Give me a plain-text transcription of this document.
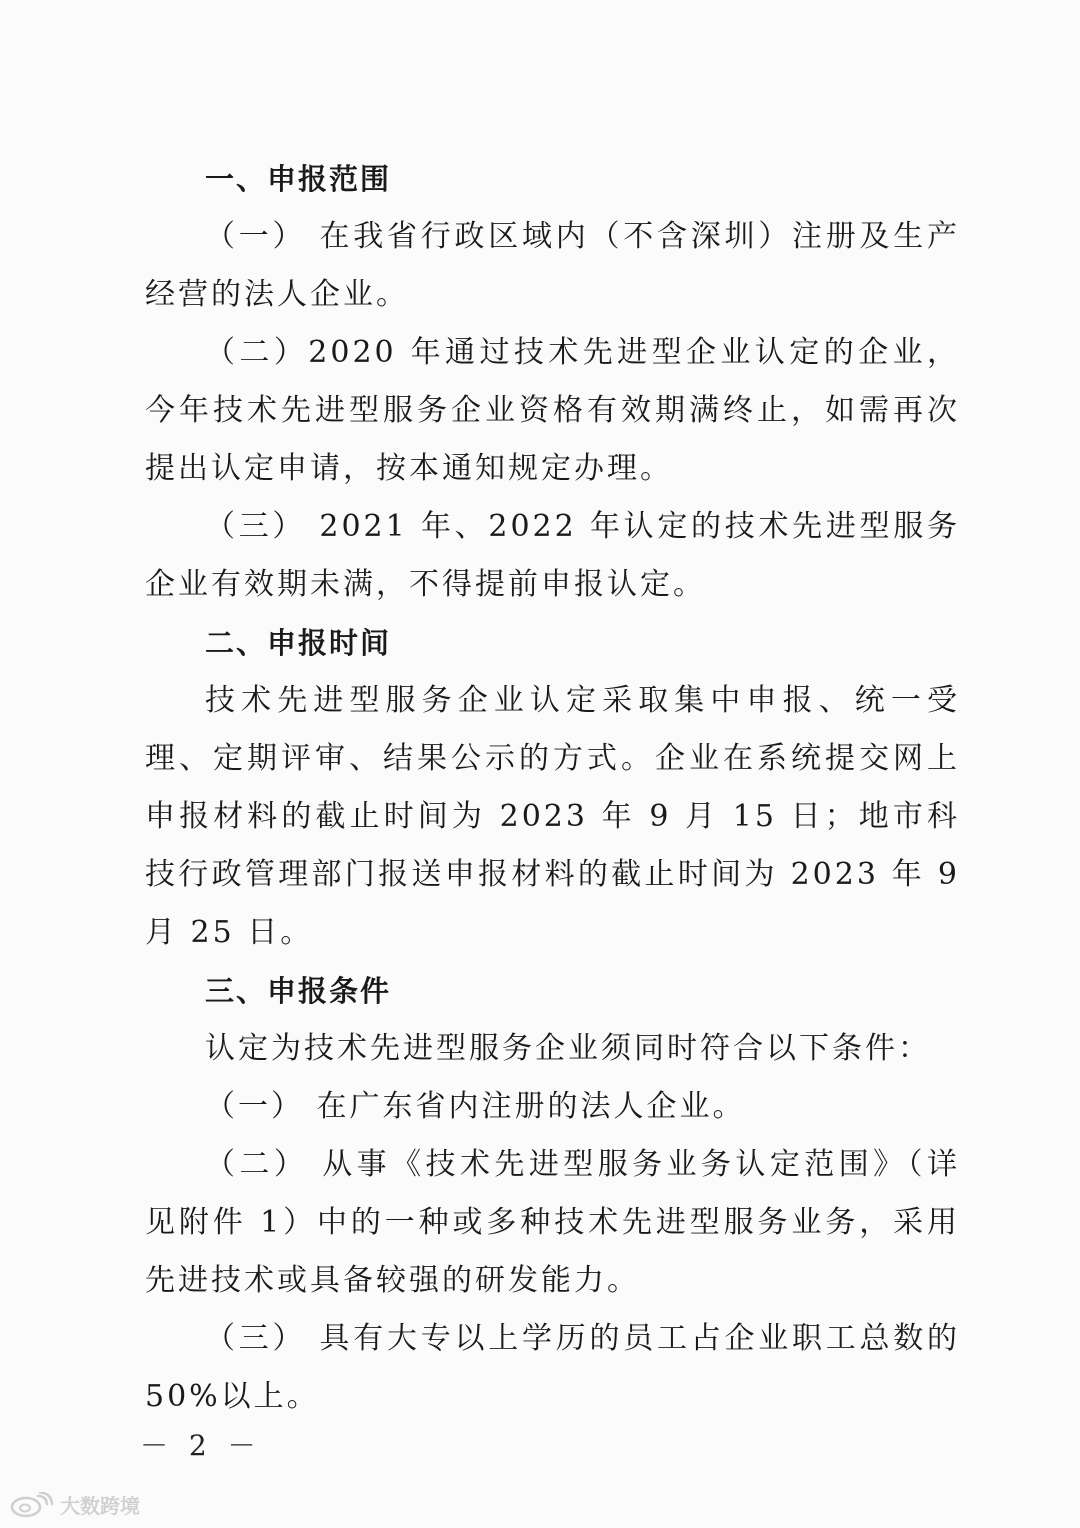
一、申报范围

（一） 在我省行政区域内（不含深圳）注册及生产经营的法人企业。

（二）2020 年通过技术先进型企业认定的企业，今年技术先进型服务企业资格有效期满终止，如需再次提出认定申请，按本通知规定办理。

（三） 2021 年、2022 年认定的技术先进型服务企业有效期未满，不得提前申报认定。

二、申报时间

技术先进型服务企业认定采取集中申报、统一受理、定期评审、结果公示的方式。企业在系统提交网上申报材料的截止时间为 2023 年 9 月 15 日；地市科技行政管理部门报送申报材料的截止时间为 2023 年 9 月 25 日。

三、申报条件

认定为技术先进型服务企业须同时符合以下条件：

（一） 在广东省内注册的法人企业。

（二） 从事《技术先进型服务业务认定范围》（详见附件 1）中的一种或多种技术先进型服务业务，采用先进技术或具备较强的研发能力。

（三） 具有大专以上学历的员工占企业职工总数的 50%以上。

－ 2 －
大数跨境
